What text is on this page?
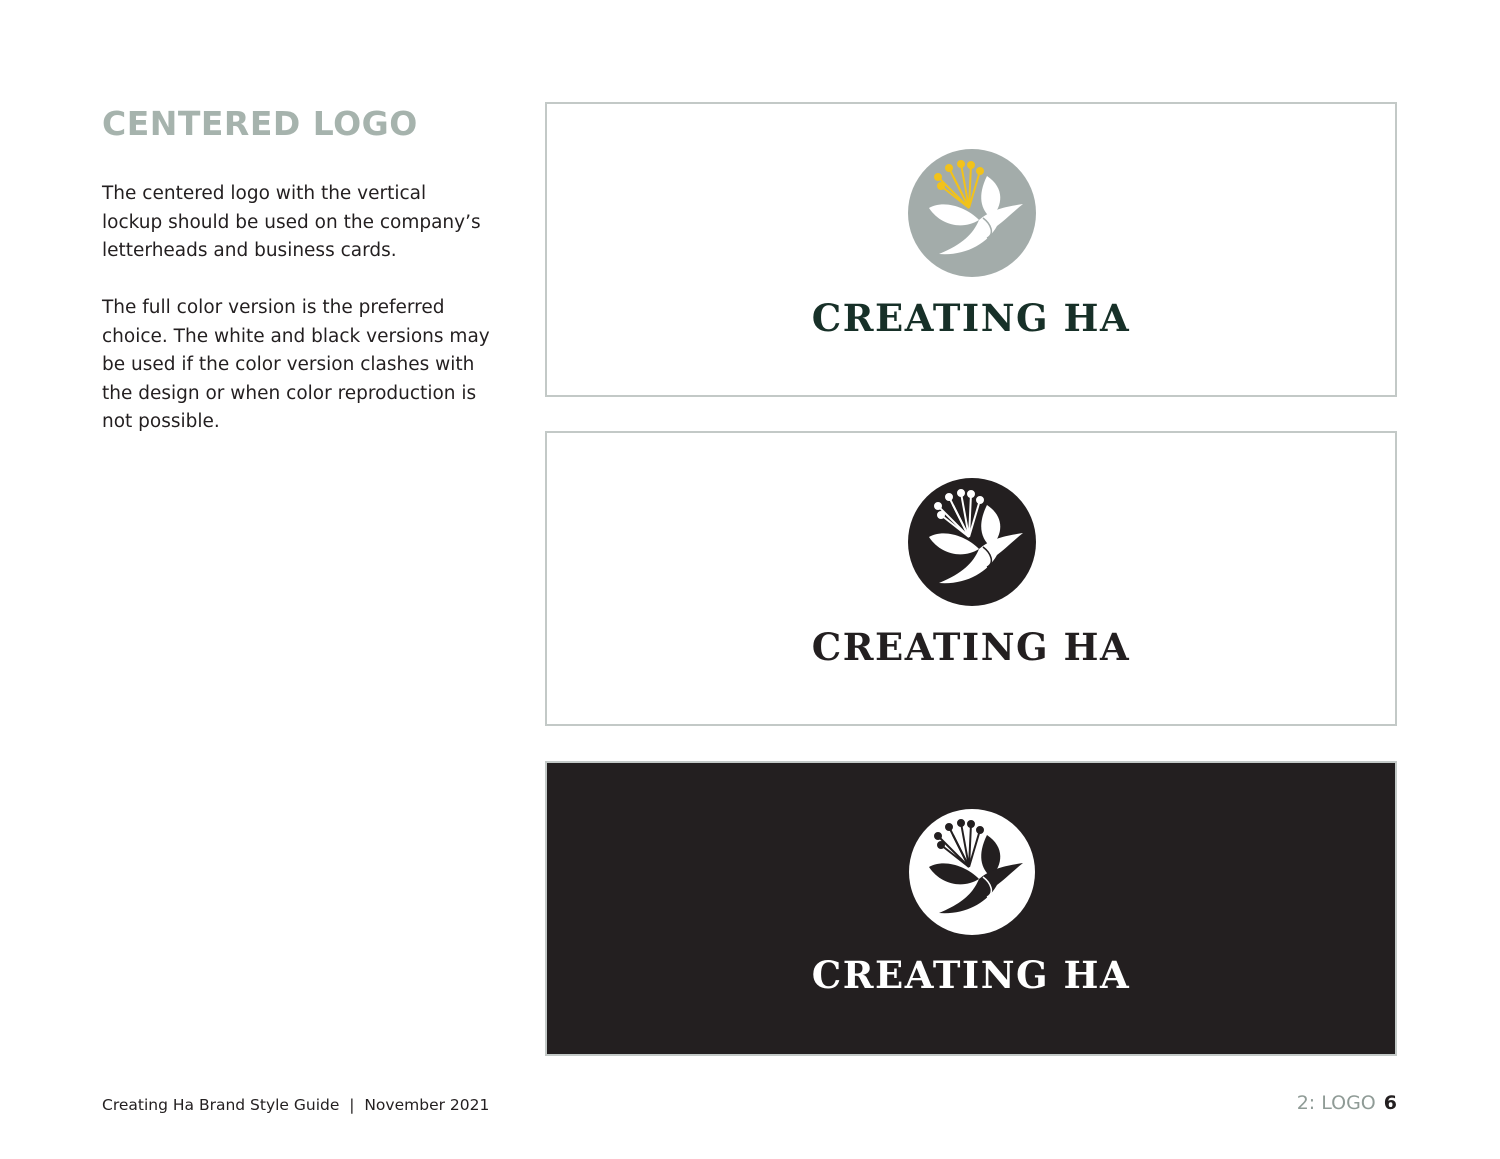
CENTERED LOGO

The centered logo with the vertical lockup should be used on the company’s letterheads and business cards.

The full color version is the preferred choice. The white and black versions may be used if the color version clashes with the design or when color reproduction is not possible.

CREATING HA
CREATING HA
CREATING HA
Creating Ha Brand Style Guide  |  November 2021	2: LOGO 6
